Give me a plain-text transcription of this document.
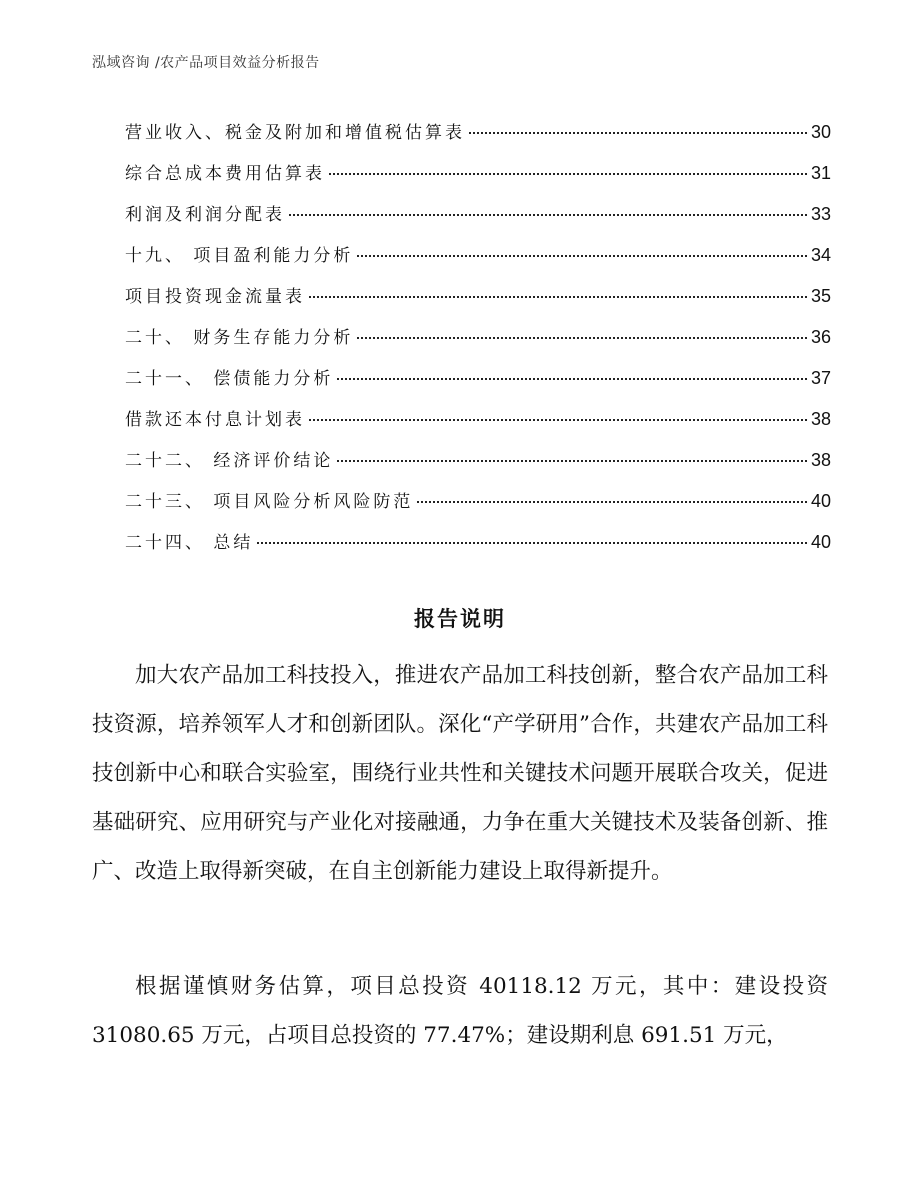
泓域咨询 /农产品项目效益分析报告
营业收入、税金及附加和增值税估算表	30
综合总成本费用估算表	31
利润及利润分配表	33
十九、 项目盈利能力分析	34
项目投资现金流量表	35
二十、 财务生存能力分析	36
二十一、 偿债能力分析	37
借款还本付息计划表	38
二十二、 经济评价结论	38
二十三、 项目风险分析风险防范	40
二十四、 总结	40
报告说明

加大农产品加工科技投入，推进农产品加工科技创新，整合农产品加工科技资源，培养领军人才和创新团队。深化“产学研用”合作，共建农产品加工科技创新中心和联合实验室，围绕行业共性和关键技术问题开展联合攻关，促进基础研究、应用研究与产业化对接融通，力争在重大关键技术及装备创新、推广、改造上取得新突破，在自主创新能力建设上取得新提升。

根据谨慎财务估算，项目总投资 40118.12 万元，其中：建设投资 31080.65 万元，占项目总投资的 77.47%；建设期利息 691.51 万元，
